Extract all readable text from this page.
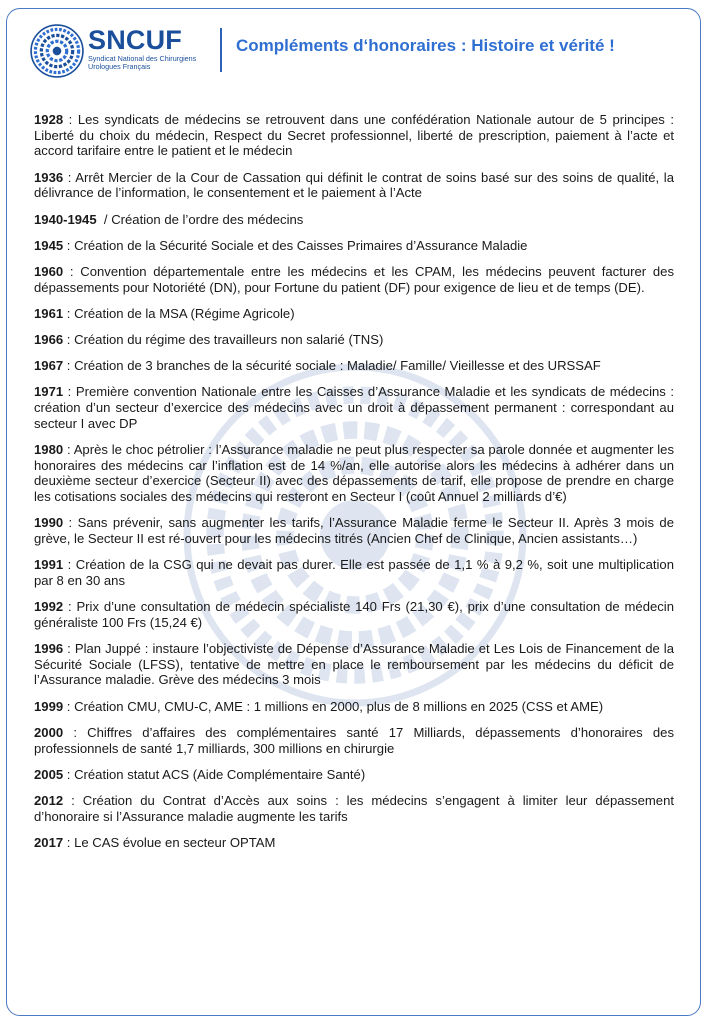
SNCUF
Syndicat National des Chirurgiens
Urologues Français
Compléments d‘honoraires : Histoire et vérité !

1928 : Les syndicats de médecins se retrouvent dans une confédération Nationale autour de 5 principes : Liberté du choix du médecin, Respect du Secret professionnel, liberté de prescription, paiement à l’acte et accord tarifaire entre le patient et le médecin

1936 : Arrêt Mercier de la Cour de Cassation qui définit le contrat de soins basé sur des soins de qualité, la délivrance de l’information, le consentement et le paiement à l’Acte

1940-1945  / Création de l’ordre des médecins

1945 : Création de la Sécurité Sociale et des Caisses Primaires d’Assurance Maladie

1960 : Convention départementale entre les médecins et les CPAM, les médecins peuvent facturer des dépassements pour Notoriété (DN), pour Fortune du patient (DF) pour exigence de lieu et de temps (DE).

1961 : Création de la MSA (Régime Agricole)

1966 : Création du régime des travailleurs non salarié (TNS)

1967 : Création de 3 branches de la sécurité sociale : Maladie/ Famille/ Vieillesse et des URSSAF

1971 : Première convention Nationale entre les Caisses d’Assurance Maladie et les syndicats de médecins : création d’un secteur d’exercice des médecins avec un droit à dépassement permanent : correspondant au secteur I avec DP

1980 : Après le choc pétrolier : l’Assurance maladie ne peut plus respecter sa parole donnée et augmenter les honoraires des médecins car l’inflation est de 14 %/an, elle autorise alors les médecins à adhérer dans un deuxième secteur d’exercice (Secteur II) avec des dépassements de tarif, elle propose de prendre en charge les cotisations sociales des médecins qui resteront en Secteur I (coût Annuel 2 milliards d’€)

1990 : Sans prévenir, sans augmenter les tarifs, l’Assurance Maladie ferme le Secteur II. Après 3 mois de grève, le Secteur II est ré-ouvert pour les médecins titrés (Ancien Chef de Clinique, Ancien assistants…)

1991 : Création de la CSG qui ne devait pas durer. Elle est passée de 1,1 % à 9,2 %, soit une multiplication par 8 en 30 ans

1992 : Prix d’une consultation de médecin spécialiste 140 Frs (21,30 €), prix d’une consultation de médecin généraliste 100 Frs (15,24 €)

1996 : Plan Juppé : instaure l’objectiviste de Dépense d’Assurance Maladie et Les Lois de Financement de la Sécurité Sociale (LFSS), tentative de mettre en place le remboursement par les médecins du déficit de l’Assurance maladie. Grève des médecins 3 mois

1999 : Création CMU, CMU-C, AME : 1 millions en 2000, plus de 8 millions en 2025 (CSS et AME)

2000 : Chiffres d’affaires des complémentaires santé 17 Milliards, dépassements d’honoraires des professionnels de santé 1,7 milliards, 300 millions en chirurgie

2005 : Création statut ACS (Aide Complémentaire Santé)

2012 : Création du Contrat d’Accès aux soins : les médecins s’engagent à limiter leur dépassement d’honoraire si l’Assurance maladie augmente les tarifs

2017 : Le CAS évolue en secteur OPTAM
